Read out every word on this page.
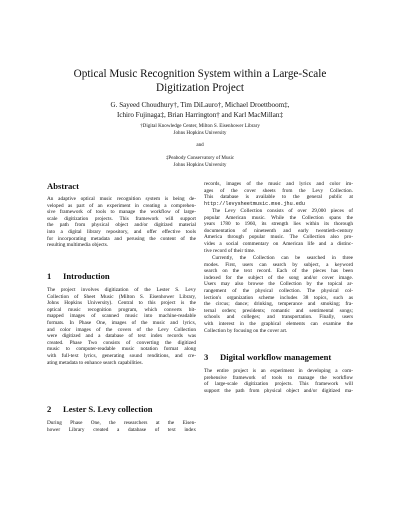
Optical Music Recognition System within a Large-Scale
Digitization Project
G. Sayeed Choudhury†, Tim DiLauro†, Michael Droettboom‡,
Ichiro Fujinaga‡, Brian Harrington† and Karl MacMillan‡
†Digital Knowledge Center, Milton S. Eisenhower Library
Johns Hopkins University
and
‡Peabody Conservatory of Music
Johns Hopkins University
Abstract
An adaptive optical music recognition system is being de-
veloped as part of an experiment in creating a comprehen-
sive framework of tools to manage the workflow of large-
scale digitization projects. This framework will support
the path from physical object and/or digitized material
into a digital library repository, and offer effective tools
for incorporating metadata and perusing the content of the
resulting multimedia objects.
1 Introduction
The project involves digitization of the Lester S. Levy
Collection of Sheet Music (Milton S. Eisenhower Library,
Johns Hopkins University). Central to this project is the
optical music recognition program, which converts bit-
mapped images of scanned music into machine-readable
formats. In Phase One, images of the music and lyrics,
and color images of the covers of the Levy Collection
were digitized and a database of text index records was
created. Phase Two consists of converting the digitized
music to computer-readable music notation format along
with full-text lyrics, generating sound renditions, and cre-
ating metadata to enhance search capabilities.
2 Lester S. Levy collection
During Phase One, the researchers at the Eisen-
hower Library created a database of text index
records, images of the music and lyrics and color im-
ages of the cover sheets from the Levy Collection.
This database is available to the general public at
http://levysheetmusic.mse.jhu.edu
The Levy Collection consists of over 29,000 pieces of
popular American music. While the Collection spans the
years 1780 to 1960, its strength lies within its thorough
documentation of nineteenth and early twentieth-century
America through popular music. The Collection also pro-
vides a social commentary on American life and a distinc-
tive record of their time.
Currently, the Collection can be searched in three
modes. First, users can search by subject, a keyword
search on the text record. Each of the pieces has been
indexed for the subject of the song and/or cover image.
Users may also browse the Collection by the topical ar-
rangement of the physical collection. The physical col-
lection's organization scheme includes 38 topics, such as
the circus; dance; drinking, temperance and smoking; fra-
ternal orders; presidents; romantic and sentimental songs;
schools and colleges; and transportation. Finally, users
with interest in the graphical elements can examine the
Collection by focusing on the cover art.
3 Digital workflow management
The entire project is an experiment in developing a com-
prehensive framework of tools to manage the workflow
of large-scale digitization projects. This framework will
support the path from physical object and/or digitized ma-
